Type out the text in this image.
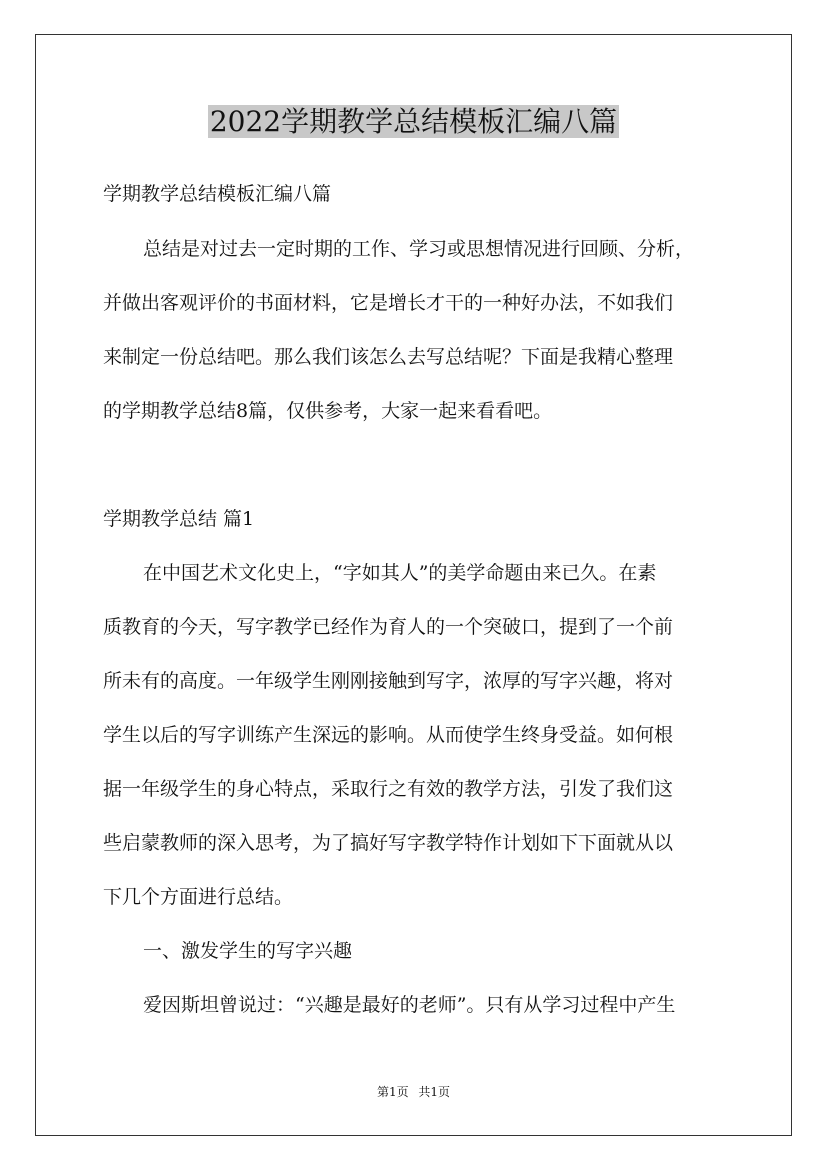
2022学期教学总结模板汇编八篇

学期教学总结模板汇编八篇

总结是对过去一定时期的工作、学习或思想情况进行回顾、分析，

并做出客观评价的书面材料，它是增长才干的一种好办法，不如我们

来制定一份总结吧。那么我们该怎么去写总结呢？下面是我精心整理

的学期教学总结8篇，仅供参考，大家一起来看看吧。

学期教学总结 篇1

在中国艺术文化史上，“字如其人”的美学命题由来已久。在素

质教育的今天，写字教学已经作为育人的一个突破口，提到了一个前

所未有的高度。一年级学生刚刚接触到写字，浓厚的写字兴趣，将对

学生以后的写字训练产生深远的影响。从而使学生终身受益。如何根

据一年级学生的身心特点，采取行之有效的教学方法，引发了我们这

些启蒙教师的深入思考，为了搞好写字教学特作计划如下下面就从以

下几个方面进行总结。

一、激发学生的写字兴趣

爱因斯坦曾说过：“兴趣是最好的老师”。只有从学习过程中产生

第1页 共1页
